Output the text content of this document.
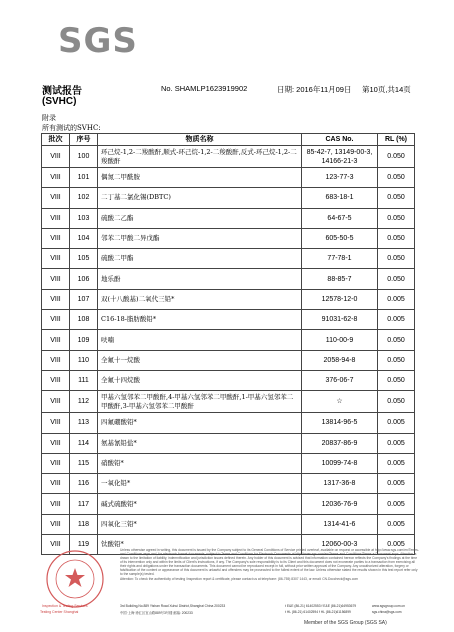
SGS
测试报告	No. SHAMLP1623919902	日期: 2016年11月09日 第10页,共14页
(SVHC)
附录
所有测试的SVHC:
批次	序号	物质名称	CAS No.	RL (%)
VIII	100	环己烷-1,2-二羧酸酐,顺式-环己烷-1,2-二羧酸酐,反式-环己烷-1,2-二羧酸酐	85-42-7, 13149-00-3, 14166-21-3	0.050
VIII	101	偶氮二甲酰胺	123-77-3	0.050
VIII	102	二丁基二氯化锡(DBTC)	683-18-1	0.050
VIII	103	硫酸二乙酯	64-67-5	0.050
VIII	104	邻苯二甲酸二异戊酯	605-50-5	0.050
VIII	105	硫酸二甲酯	77-78-1	0.050
VIII	106	地乐酚	88-85-7	0.050
VIII	107	双(十八酸基)二氧代三铅*	12578-12-0	0.005
VIII	108	C16-18-脂肪酸铅*	91031-62-8	0.005
VIII	109	呋喃	110-00-9	0.050
VIII	110	全氟十一烷酸	2058-94-8	0.050
VIII	111	全氟十四烷酸	376-06-7	0.050
VIII	112	甲基六氢邻苯二甲酸酐,4-甲基六氢邻苯二甲酸酐,1-甲基六氢邻苯二甲酸酐,3-甲基六氢邻苯二甲酸酐	☆	0.050
VIII	113	四氟硼酸铅*	13814-96-5	0.005
VIII	114	氨基氰铅盐*	20837-86-9	0.005
VIII	115	硝酸铅*	10099-74-8	0.005
VIII	116	一氧化铅*	1317-36-8	0.005
VIII	117	碱式硫酸铅*	12036-76-9	0.005
VIII	118	四氧化三铅*	1314-41-6	0.005
VIII	119	钛酸铅*	12060-00-3	0.005
Inspection & Testing Services
Testing Center Shanghai
Unless otherwise agreed in writing, this document is issued by the Company subject to its General Conditions of Service printed overleaf, available on request or accessible at http://www.sgs.com/en/Terms-and-Conditions.aspx and, for electronic format documents, subject to Terms and Conditions for Electronic Documents at http://www.sgs.com/en/Terms-and-Conditions/Terms-e-Document.aspx. Attention is drawn to the limitation of liability, indemnification and jurisdiction issues defined therein. Any holder of this document is advised that information contained hereon reflects the Company's findings at the time of its intervention only and within the limits of Client's instructions, if any. The Company's sole responsibility is to its Client and this document does not exonerate parties to a transaction from exercising all their rights and obligations under the transaction documents. This document cannot be reproduced except in full, without prior written approval of the Company. Any unauthorized alteration, forgery or falsification of the content or appearance of this document is unlawful and offenders may be prosecuted to the fullest extent of the law. Unless otherwise stated the results shown in this test report refer only to the sample(s) tested.
Attention: To check the authenticity of testing /inspection report & certificate, please contact us at telephone: (86-755) 8307 1443, or email: CN.Doccheck@sgs.com
3rd Building,No.889 Yishan Road Xuhui District,Shanghai China 200233
中国·上海·徐汇区宜山路889号3号楼 邮编: 200233
t E&E (86-21) 61402553 f E&E (86-21)64953679
t HL (86-21) 61402594 f HL (86-21)61156899
www.sgsgroup.com.cn
sgs.china@sgs.com
Member of the SGS Group (SGS SA)
